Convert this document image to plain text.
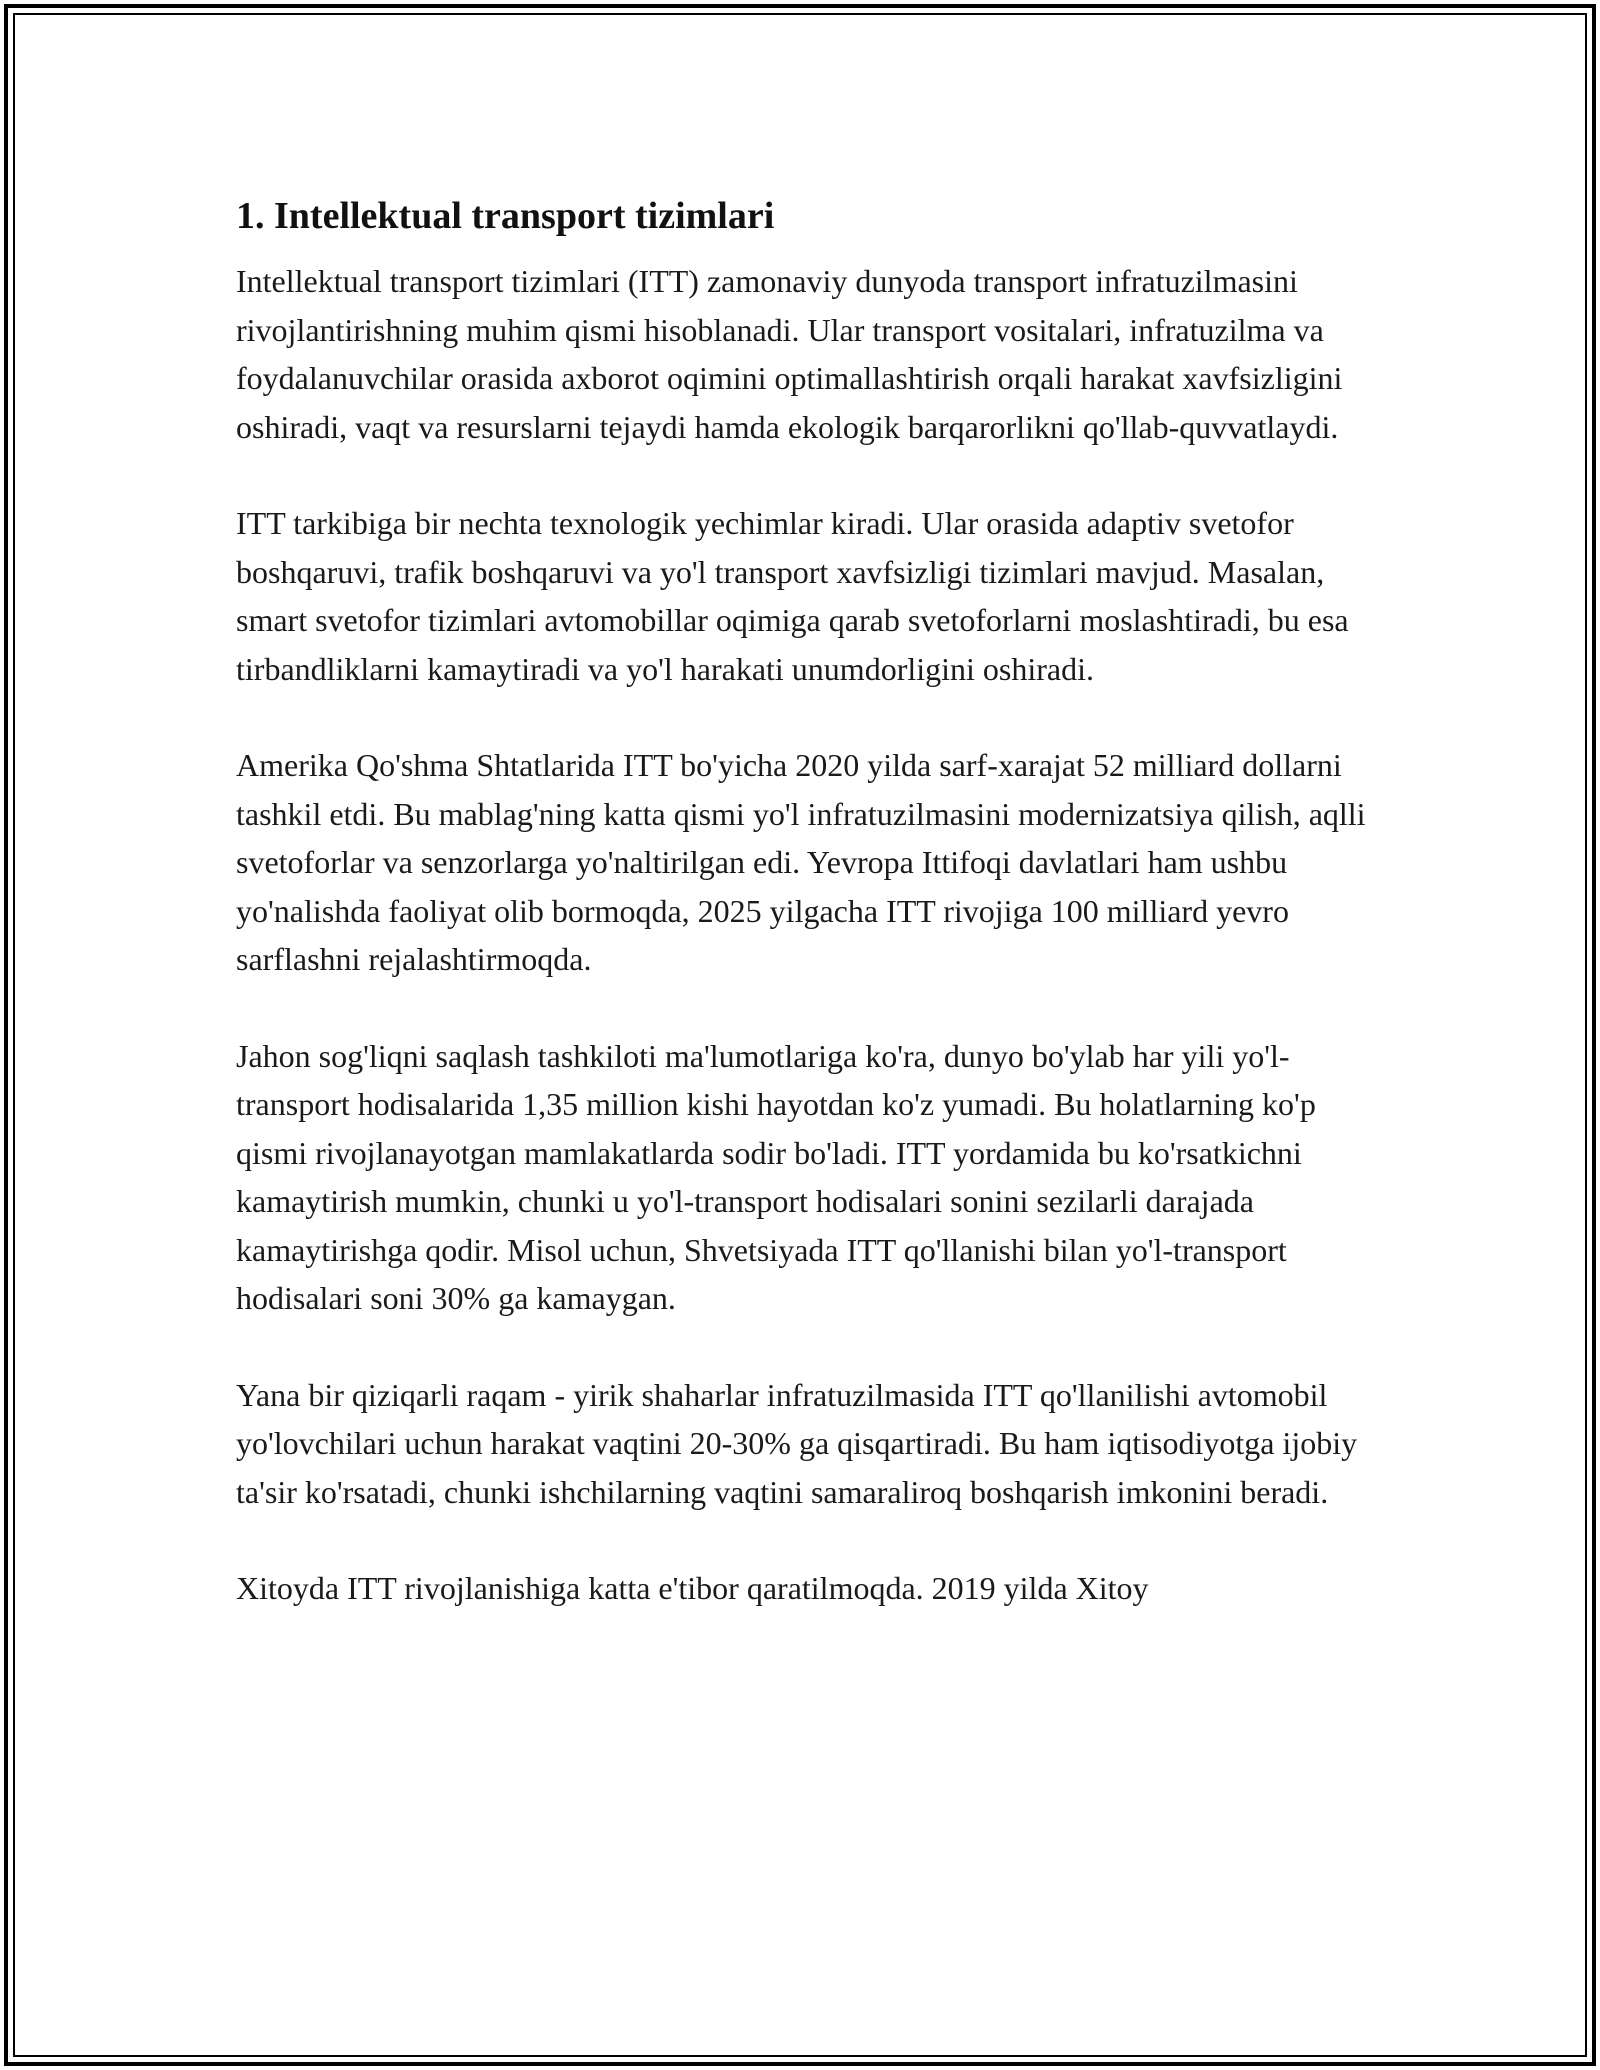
1. Intellektual transport tizimlari

Intellektual transport tizimlari (ITT) zamonaviy dunyoda transport infratuzilmasini rivojlantirishning muhim qismi hisoblanadi. Ular transport vositalari, infratuzilma va foydalanuvchilar orasida axborot oqimini optimallashtirish orqali harakat xavfsizligini oshiradi, vaqt va resurslarni tejaydi hamda ekologik barqarorlikni qo'llab-quvvatlaydi.

ITT tarkibiga bir nechta texnologik yechimlar kiradi. Ular orasida adaptiv svetofor boshqaruvi, trafik boshqaruvi va yo'l transport xavfsizligi tizimlari mavjud. Masalan, smart svetofor tizimlari avtomobillar oqimiga qarab svetoforlarni moslashtiradi, bu esa tirbandliklarni kamaytiradi va yo'l harakati unumdorligini oshiradi.

Amerika Qo'shma Shtatlarida ITT bo'yicha 2020 yilda sarf-xarajat 52 milliard dollarni tashkil etdi. Bu mablag'ning katta qismi yo'l infratuzilmasini modernizatsiya qilish, aqlli svetoforlar va senzorlarga yo'naltirilgan edi. Yevropa Ittifoqi davlatlari ham ushbu yo'nalishda faoliyat olib bormoqda, 2025 yilgacha ITT rivojiga 100 milliard yevro sarflashni rejalashtirmoqda.

Jahon sog'liqni saqlash tashkiloti ma'lumotlariga ko'ra, dunyo bo'ylab har yili yo'l-transport hodisalarida 1,35 million kishi hayotdan ko'z yumadi. Bu holatlarning ko'p qismi rivojlanayotgan mamlakatlarda sodir bo'ladi. ITT yordamida bu ko'rsatkichni kamaytirish mumkin, chunki u yo'l-transport hodisalari sonini sezilarli darajada kamaytirishga qodir. Misol uchun, Shvetsiyada ITT qo'llanishi bilan yo'l-transport hodisalari soni 30% ga kamaygan.

Yana bir qiziqarli raqam - yirik shaharlar infratuzilmasida ITT qo'llanilishi avtomobil yo'lovchilari uchun harakat vaqtini 20-30% ga qisqartiradi. Bu ham iqtisodiyotga ijobiy ta'sir ko'rsatadi, chunki ishchilarning vaqtini samaraliroq boshqarish imkonini beradi.

Xitoyda ITT rivojlanishiga katta e'tibor qaratilmoqda. 2019 yilda Xitoy
